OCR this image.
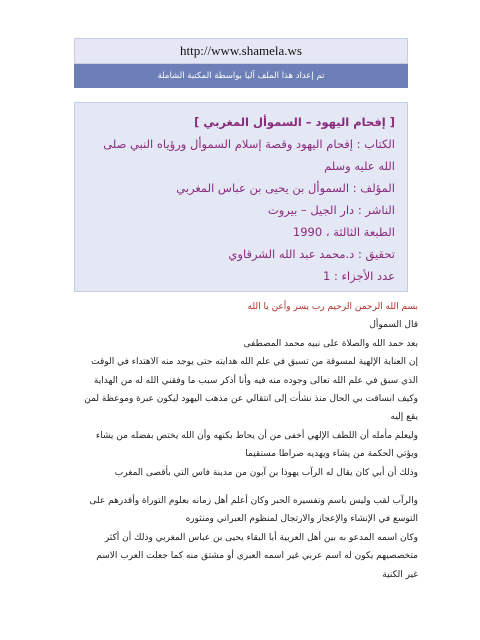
http://www.shamela.ws
تم إعداد هذا الملف آليا بواسطة المكتبة الشاملة

[ إفحام اليهود – السموأل المغربي ]

الكتاب : إفحام اليهود وقصة إسلام السموأل ورؤياه النبي صلى الله عليه وسلم

المؤلف : السموأل بن يحيى بن عباس المغربي

الناشر : دار الجيل – بيروت

الطبعة الثالثة ، 1990

تحقيق : د.محمد عبد الله الشرقاوي

عدد الأجزاء : 1

بسم الله الرحمن الرحيم رب يسر وأعن يا الله

قال السموأل

بعد حمد الله والصلاة على نبيه محمد المصطفى

إن العناية الإلهية لمسوقة من تسبق في علم الله هدايته حتى يوجد منه الاهتداء في الوقت

الذي سبق في علم الله تعالى وجوده منه فيه وأنا أذكر سبب ما وفقني الله له من الهداية

وكيف انساقت بي الحال منذ نشأت إلى انتقالي عن مذهب اليهود ليكون عبرة وموعظة لمن

يقع إليه

وليعلم مأمله أن اللطف الإلهي أخفى من أن يحاط بكنهه وأن الله يختص بفضله من يشاء

ويؤتي الحكمة من يشاء ويهديه صراطا مستقيما

وذلك أن أبي كان يقال له الرآب يهوذا بن آبون من مدينة فاس التي بأقصى المغرب

والرآب لقب وليس باسم وتفسيره الحبر وكان أعلم أهل زمانه بعلوم التوراة وأقدرهم على

التوسع في الإنشاء والإعجاز والارتجال لمنظوم العبراني ومنثوره

وكان اسمه المدعو به بين أهل العربية أبا البقاء يحيى بن عباس المغربي وذلك أن أكثر

متخصصيهم يكون له اسم عربي غير اسمه العبري أو مشتق منه كما جعلت العرب الاسم

غير الكنية
